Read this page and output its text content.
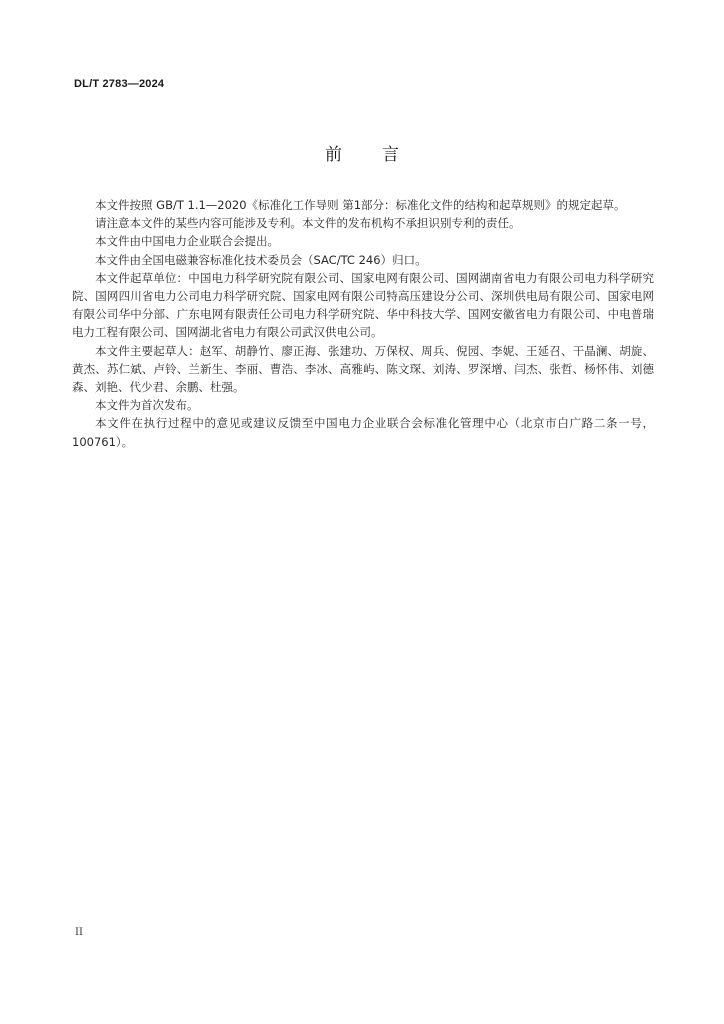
DL/T 2783—2024
前言

本文件按照 GB/T 1.1—2020《标准化工作导则 第1部分：标准化文件的结构和起草规则》的规定起草。

请注意本文件的某些内容可能涉及专利。本文件的发布机构不承担识别专利的责任。

本文件由中国电力企业联合会提出。

本文件由全国电磁兼容标准化技术委员会（SAC/TC 246）归口。

本文件起草单位：中国电力科学研究院有限公司、国家电网有限公司、国网湖南省电力有限公司电力科学研究院、国网四川省电力公司电力科学研究院、国家电网有限公司特高压建设分公司、深圳供电局有限公司、国家电网有限公司华中分部、广东电网有限责任公司电力科学研究院、华中科技大学、国网安徽省电力有限公司、中电普瑞电力工程有限公司、国网湖北省电力有限公司武汉供电公司。

本文件主要起草人：赵军、胡静竹、廖正海、张建功、万保权、周兵、倪园、李妮、王延召、干晶澜、胡旋、黄杰、苏仁斌、卢铃、兰新生、李丽、曹浩、李冰、高雅屿、陈文琛、刘涛、罗深增、闫杰、张哲、杨怀伟、刘德森、刘艳、代少君、余鹏、杜强。

本文件为首次发布。

本文件在执行过程中的意见或建议反馈至中国电力企业联合会标准化管理中心（北京市白广路二条一号，100761）。

II
